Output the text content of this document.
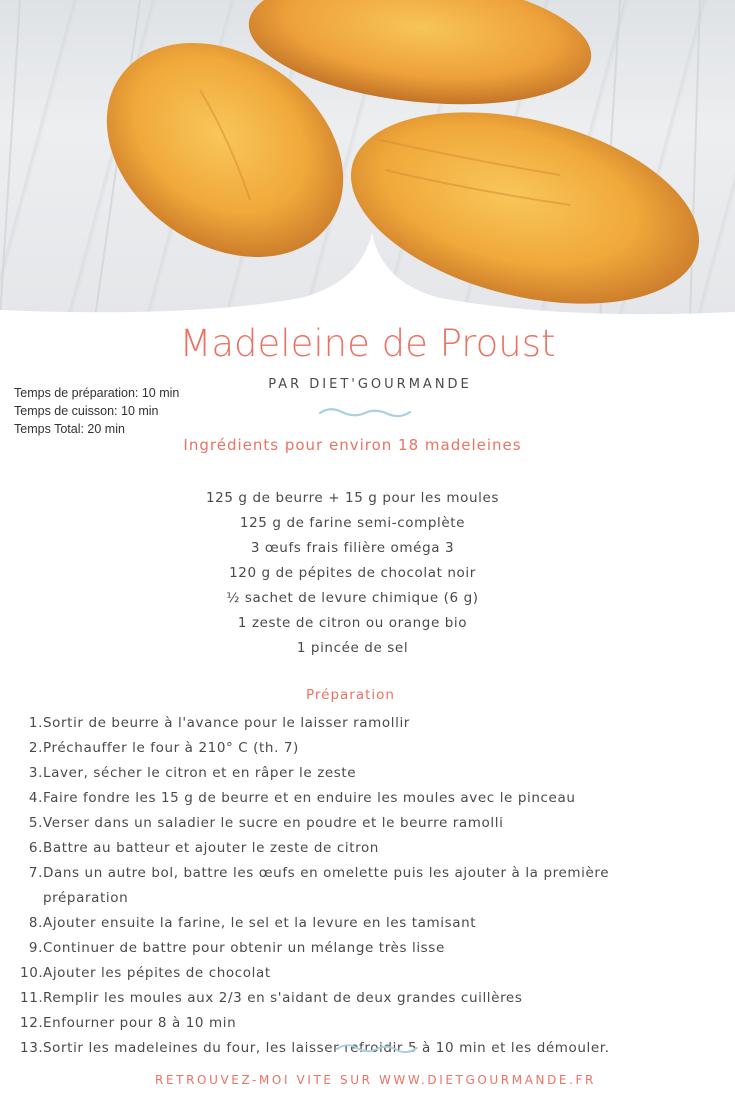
Madeleine de Proust
PAR DIET'GOURMANDE
Temps de préparation: 10 min
Temps de cuisson: 10 min
Temps Total: 20 min
Ingrédients pour environ 18 madeleines
125 g de beurre + 15 g pour les moules
125 g de farine semi-complète
3 œufs frais filière oméga 3
120 g de pépites de chocolat noir
½ sachet de levure chimique (6 g)
1 zeste de citron ou orange bio
1 pincée de sel
Préparation
1. Sortir de beurre à l'avance pour le laisser ramollir
2. Préchauffer le four à 210° C (th. 7)
3. Laver, sécher le citron et en râper le zeste
4. Faire fondre les 15 g de beurre et en enduire les moules avec le pinceau
5. Verser dans un saladier le sucre en poudre et le beurre ramolli
6. Battre au batteur et ajouter le zeste de citron
7. Dans un autre bol, battre les œufs en omelette puis les ajouter à la première
préparation
8. Ajouter ensuite la farine, le sel et la levure en les tamisant
9. Continuer de battre pour obtenir un mélange très lisse
10. Ajouter les pépites de chocolat
11. Remplir les moules aux 2/3 en s'aidant de deux grandes cuillères
12. Enfourner pour 8 à 10 min
13. Sortir les madeleines du four, les laisser refroidir 5 à 10 min et les démouler.
RETROUVEZ-MOI VITE SUR WWW.DIETGOURMANDE.FR
